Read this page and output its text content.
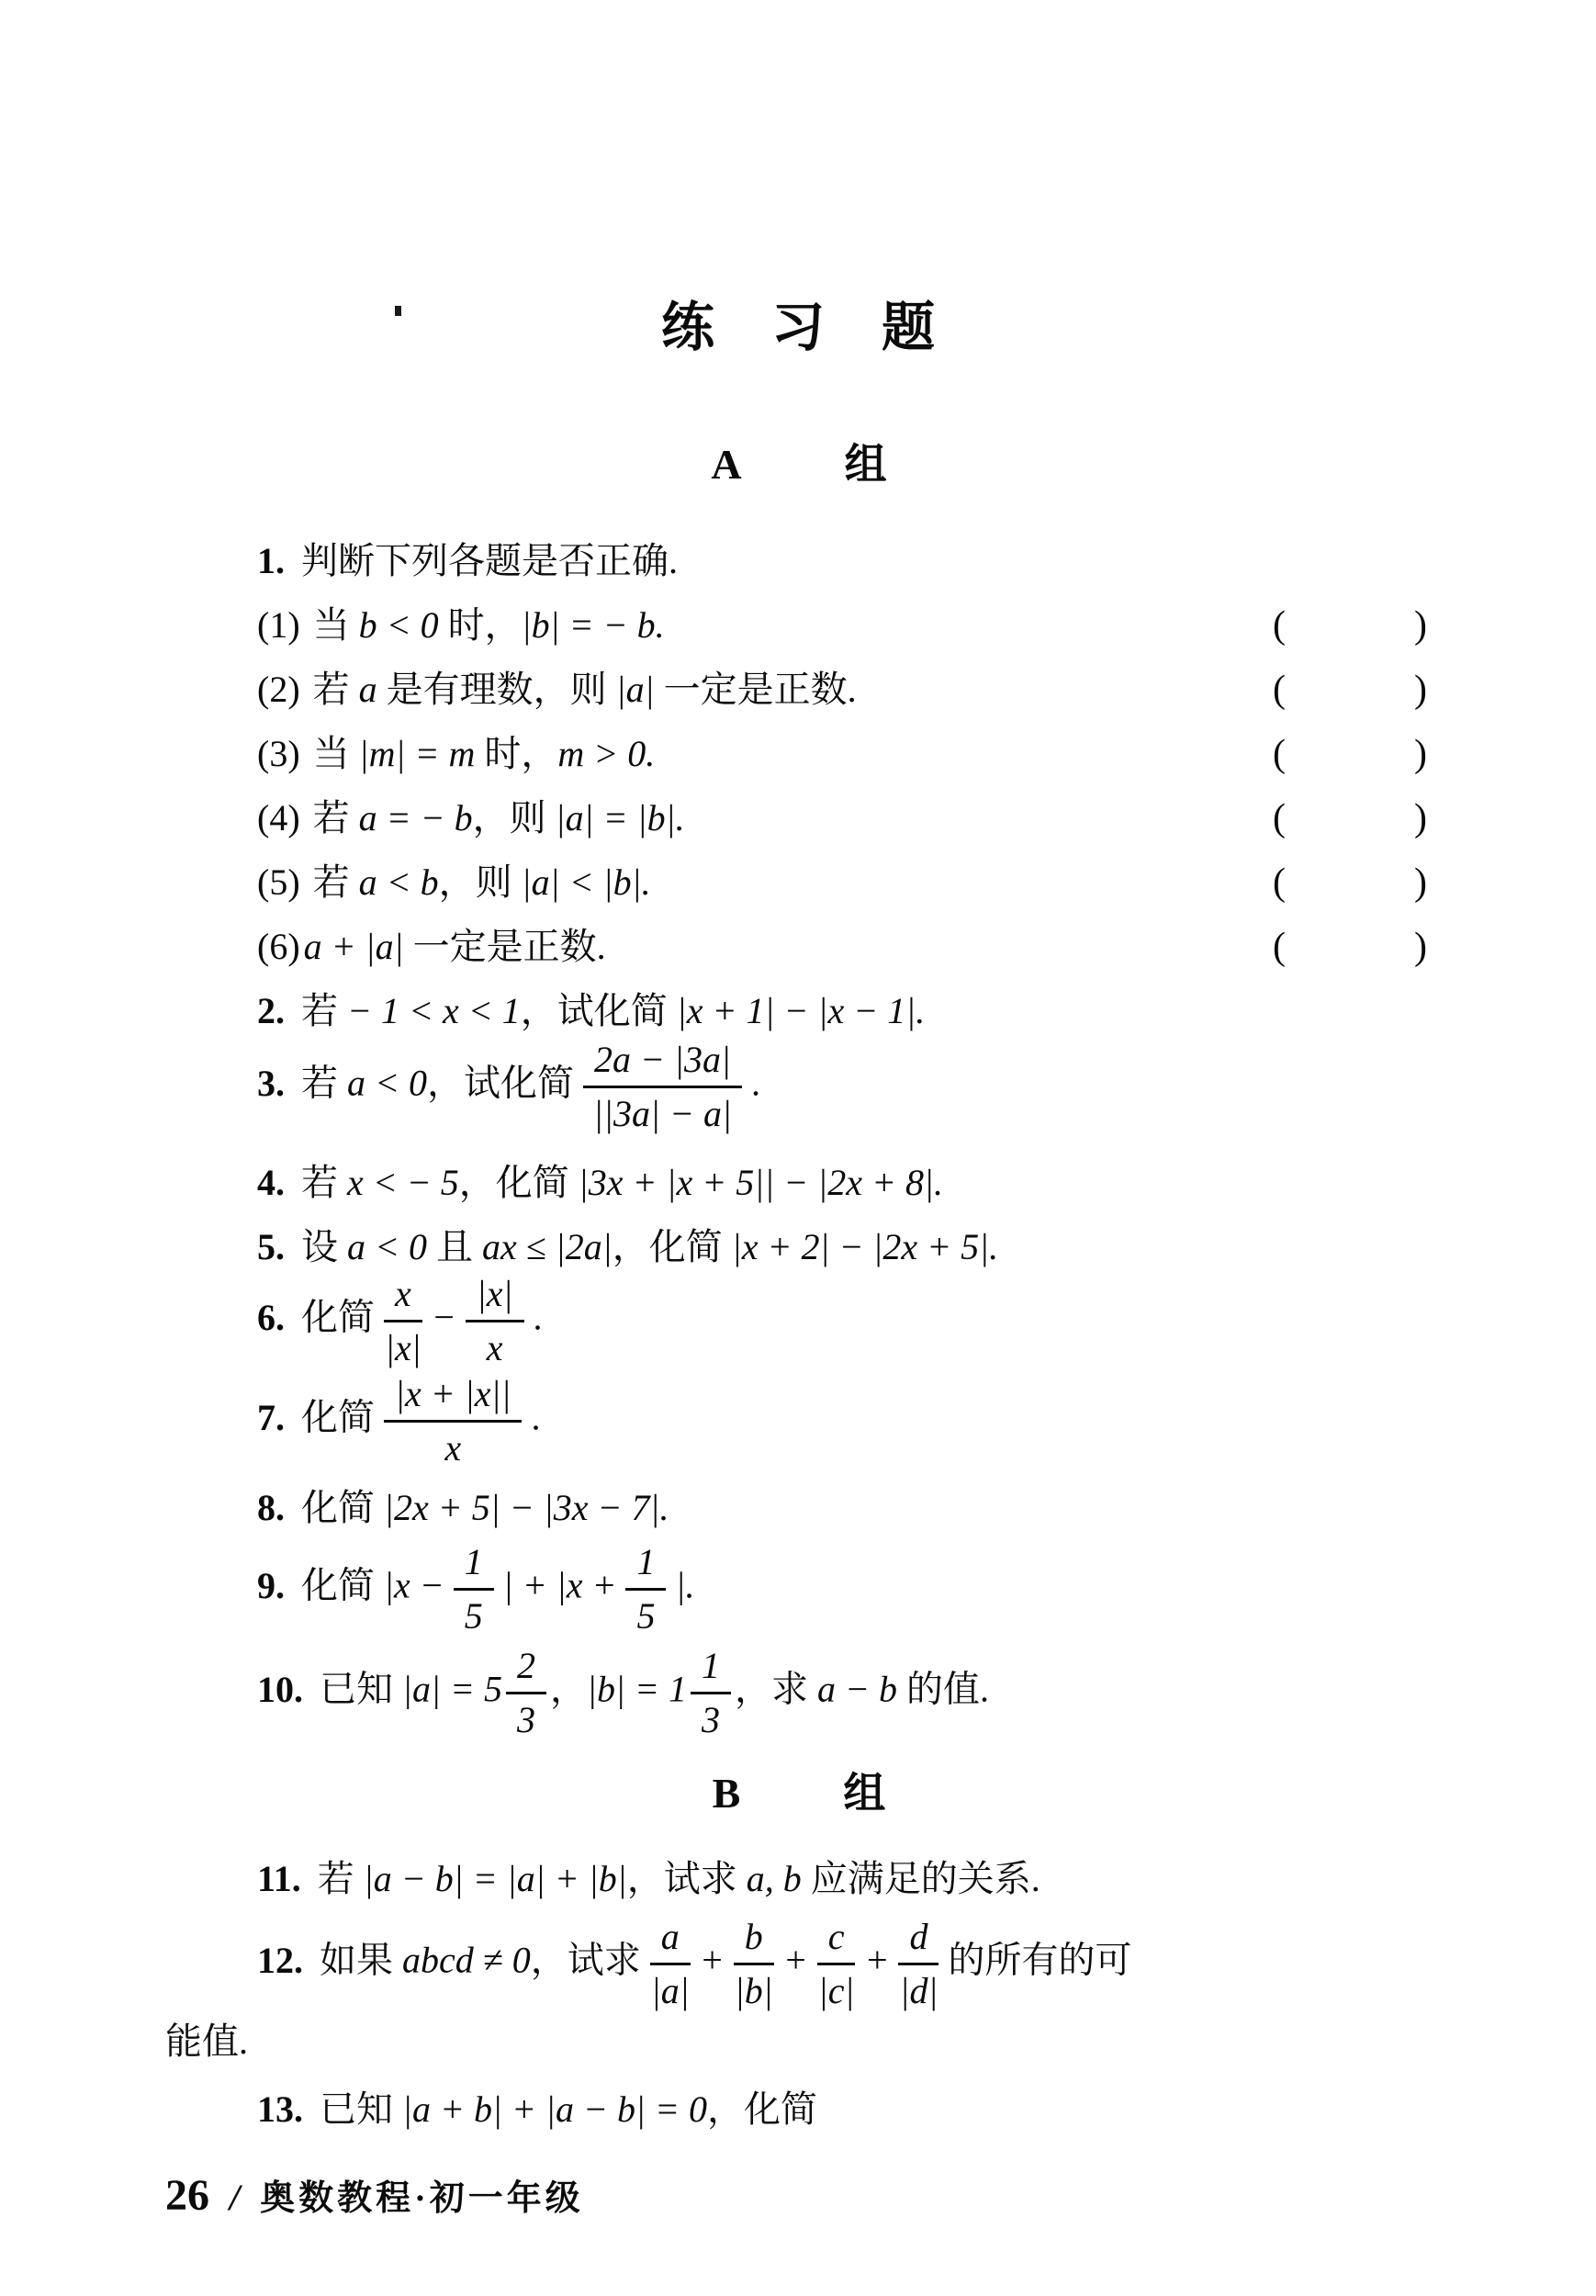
练　习　题
A 组
1. 判断下列各题是否正确.
(1) 当 b < 0 时，|b| = − b.	(	)
(2) 若 a 是有理数，则 |a| 一定是正数.	(	)
(3) 当 |m| = m 时，m > 0.	(	)
(4) 若 a = − b，则 |a| = |b|.	(	)
(5) 若 a < b，则 |a| < |b|.	(	)
(6) a + |a| 一定是正数.	(	)
2. 若 − 1 < x < 1，试化简 |x + 1| − |x − 1|.
3. 若 a < 0，试化简 $\frac{2a - |3a|}{||3a| - a|}$ .
4. 若 x < − 5，化简 |3x + |x + 5|| − |2x + 8|.
5. 设 a < 0 且 ax ≤ |2a|，化简 |x + 2| − |2x + 5|.
6. 化简 $\frac{x}{|x|} - \frac{|x|}{x}$ .
7. 化简 $\frac{|x + |x||}{x}$ .
8. 化简 |2x + 5| − |3x − 7|.
9. 化简 $|x - \frac{1}{5}$ | + $|x + \frac{1}{5}$ |.
10. 已知 $|a| = 5 \frac{2}{3}$ ，$|b| = 1 \frac{1}{3}$ ，求 a − b 的值.
B 组
11. 若 |a − b| = |a| + |b|，试求 a, b 应满足的关系.
12. 如果 abcd ≠ 0，试求 $\frac{a}{|a|} + \frac{b}{|b|} + \frac{c}{|c|} + \frac{d}{|d|}$ 的所有的可
能值.
13. 已知 |a + b| + |a − b| = 0，化简
26 / 奥数教程·初一年级
